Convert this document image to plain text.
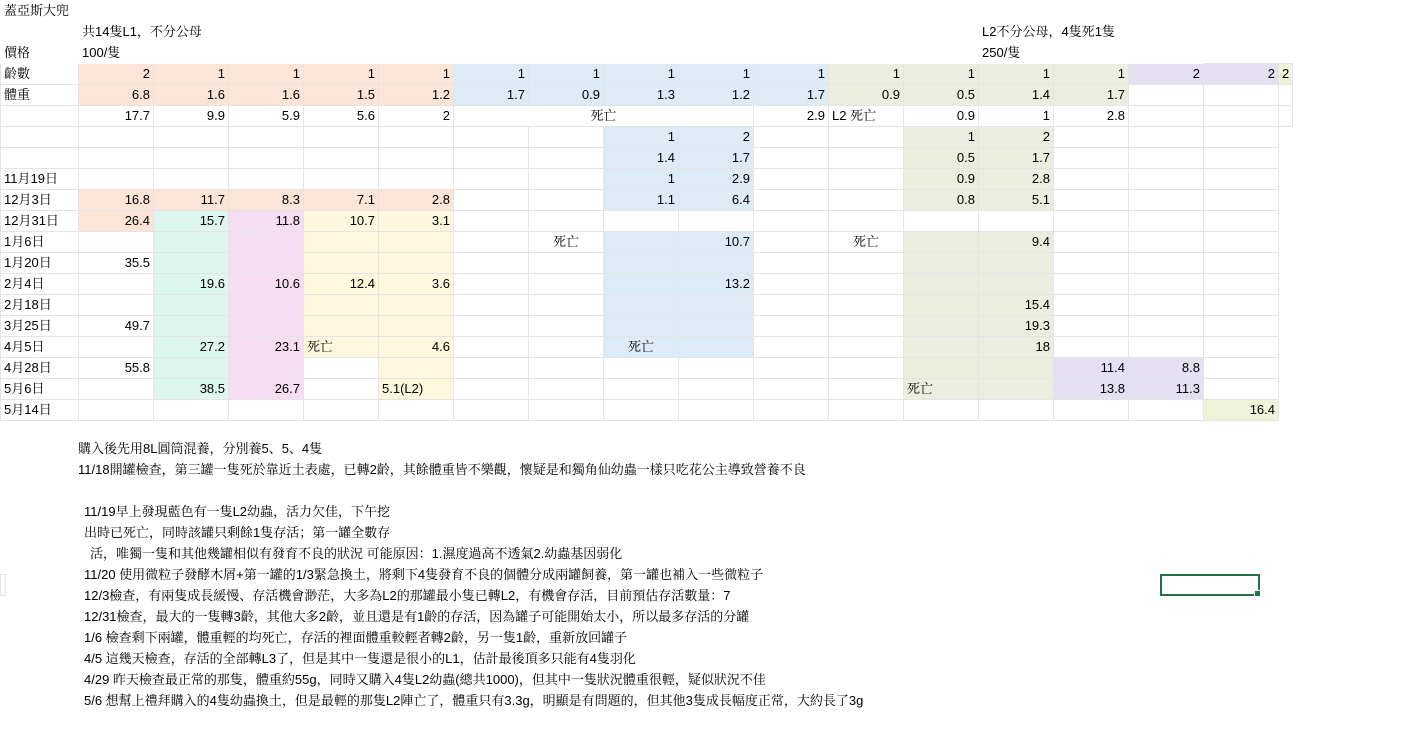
蓋亞斯大兜																	
	共14隻L1，不分公母												L2不分公母，4隻死1隻				
價格	100/隻												250/隻				
齡數	2	1	1	1	1	1	1	1	1	1	1	1	1	1	2	2	2
體重	6.8	1.6	1.6	1.5	1.2	1.7	0.9	1.3	1.2	1.7	0.9	0.5	1.4	1.7			
	17.7	9.9	5.9	5.6	2	死亡				2.9	L2 死亡	0.9	1	2.8			
								1	2			1	2				
								1.4	1.7			0.5	1.7				
11月19日								1	2.9			0.9	2.8				
12月3日	16.8	11.7	8.3	7.1	2.8			1.1	6.4			0.8	5.1				
12月31日	26.4	15.7	11.8	10.7	3.1												
1月6日							死亡		10.7		死亡		9.4				
1月20日	35.5																
2月4日		19.6	10.6	12.4	3.6				13.2								
2月18日													15.4				
3月25日	49.7												19.3				
4月5日		27.2	23.1	死亡	4.6			死亡					18				
4月28日	55.8													11.4	8.8		
5月6日		38.5	26.7		5.1(L2)							死亡		13.8	11.3		
5月14日																16.4	
購入後先用8L圓筒混養，分別養5、5、4隻
11/18開罐檢查，第三罐一隻死於靠近土表處，已轉2齡，其餘體重皆不樂觀，懷疑是和獨角仙幼蟲一樣只吃花公主導致營養不良
11/19早上發現藍色有一隻L2幼蟲，活力欠佳，下午挖
出時已死亡，同時該罐只剩餘1隻存活；第一罐全數存
活，唯獨一隻和其他幾罐相似有發育不良的狀況 可能原因：1.濕度過高不透氣2.幼蟲基因弱化
11/20 使用微粒子發酵木屑+第一罐的1/3緊急換土，將剩下4隻發育不良的個體分成兩罐飼養，第一罐也補入一些微粒子
12/3檢查，有兩隻成長緩慢、存活機會渺茫，大多為L2的那罐最小隻已轉L2，有機會存活，目前預估存活數量：7
12/31檢查，最大的一隻轉3齡，其他大多2齡，並且還是有1齡的存活，因為罐子可能開始太小，所以最多存活的分罐
1/6 檢查剩下兩罐，體重輕的均死亡，存活的裡面體重較輕者轉2齡，另一隻1齡，重新放回罐子
4/5 這幾天檢查，存活的全部轉L3了，但是其中一隻還是很小的L1，估計最後頂多只能有4隻羽化
4/29 昨天檢查最正常的那隻，體重約55g，同時又購入4隻L2幼蟲(總共1000)，但其中一隻狀況體重很輕，疑似狀況不佳
5/6 想幫上禮拜購入的4隻幼蟲換土，但是最輕的那隻L2陣亡了，體重只有3.3g，明顯是有問題的，但其他3隻成長幅度正常，大約長了3g
